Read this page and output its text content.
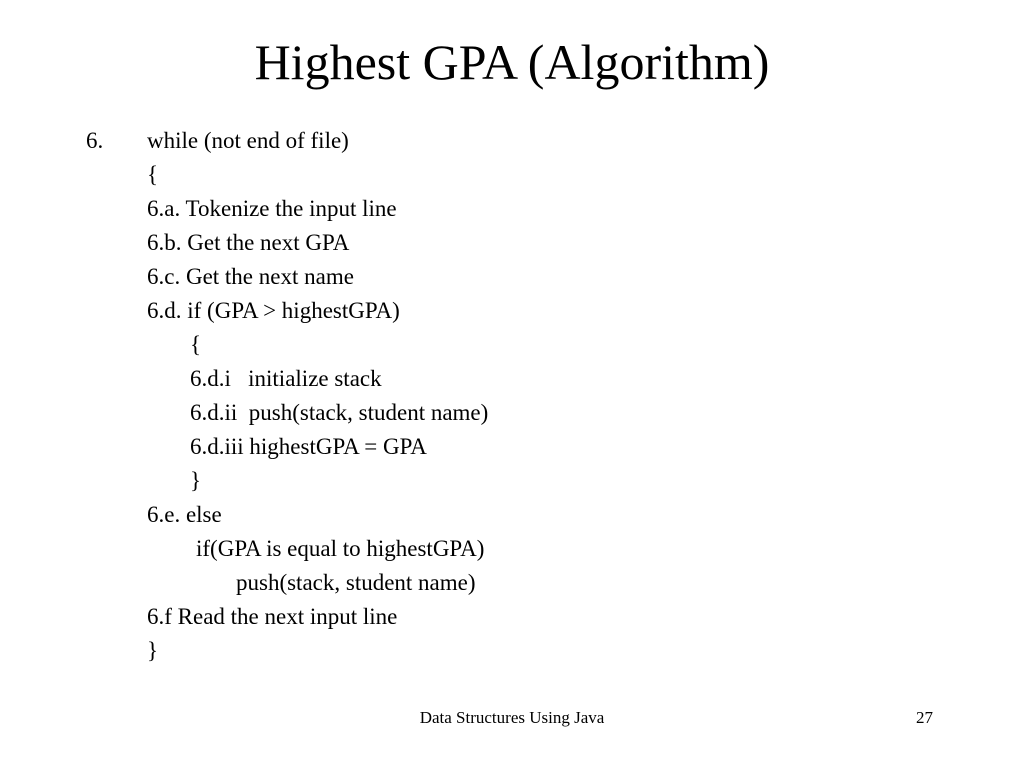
Highest GPA (Algorithm)
6. while (not end of file)
{
6.a. Tokenize the input line
6.b. Get the next GPA
6.c. Get the next name
6.d. if (GPA > highestGPA)
{
6.d.i   initialize stack
6.d.ii  push(stack, student name)
6.d.iii highestGPA = GPA
}
6.e. else
if(GPA is equal to highestGPA)
push(stack, student name)
6.f Read the next input line
}
Data Structures Using Java	27
